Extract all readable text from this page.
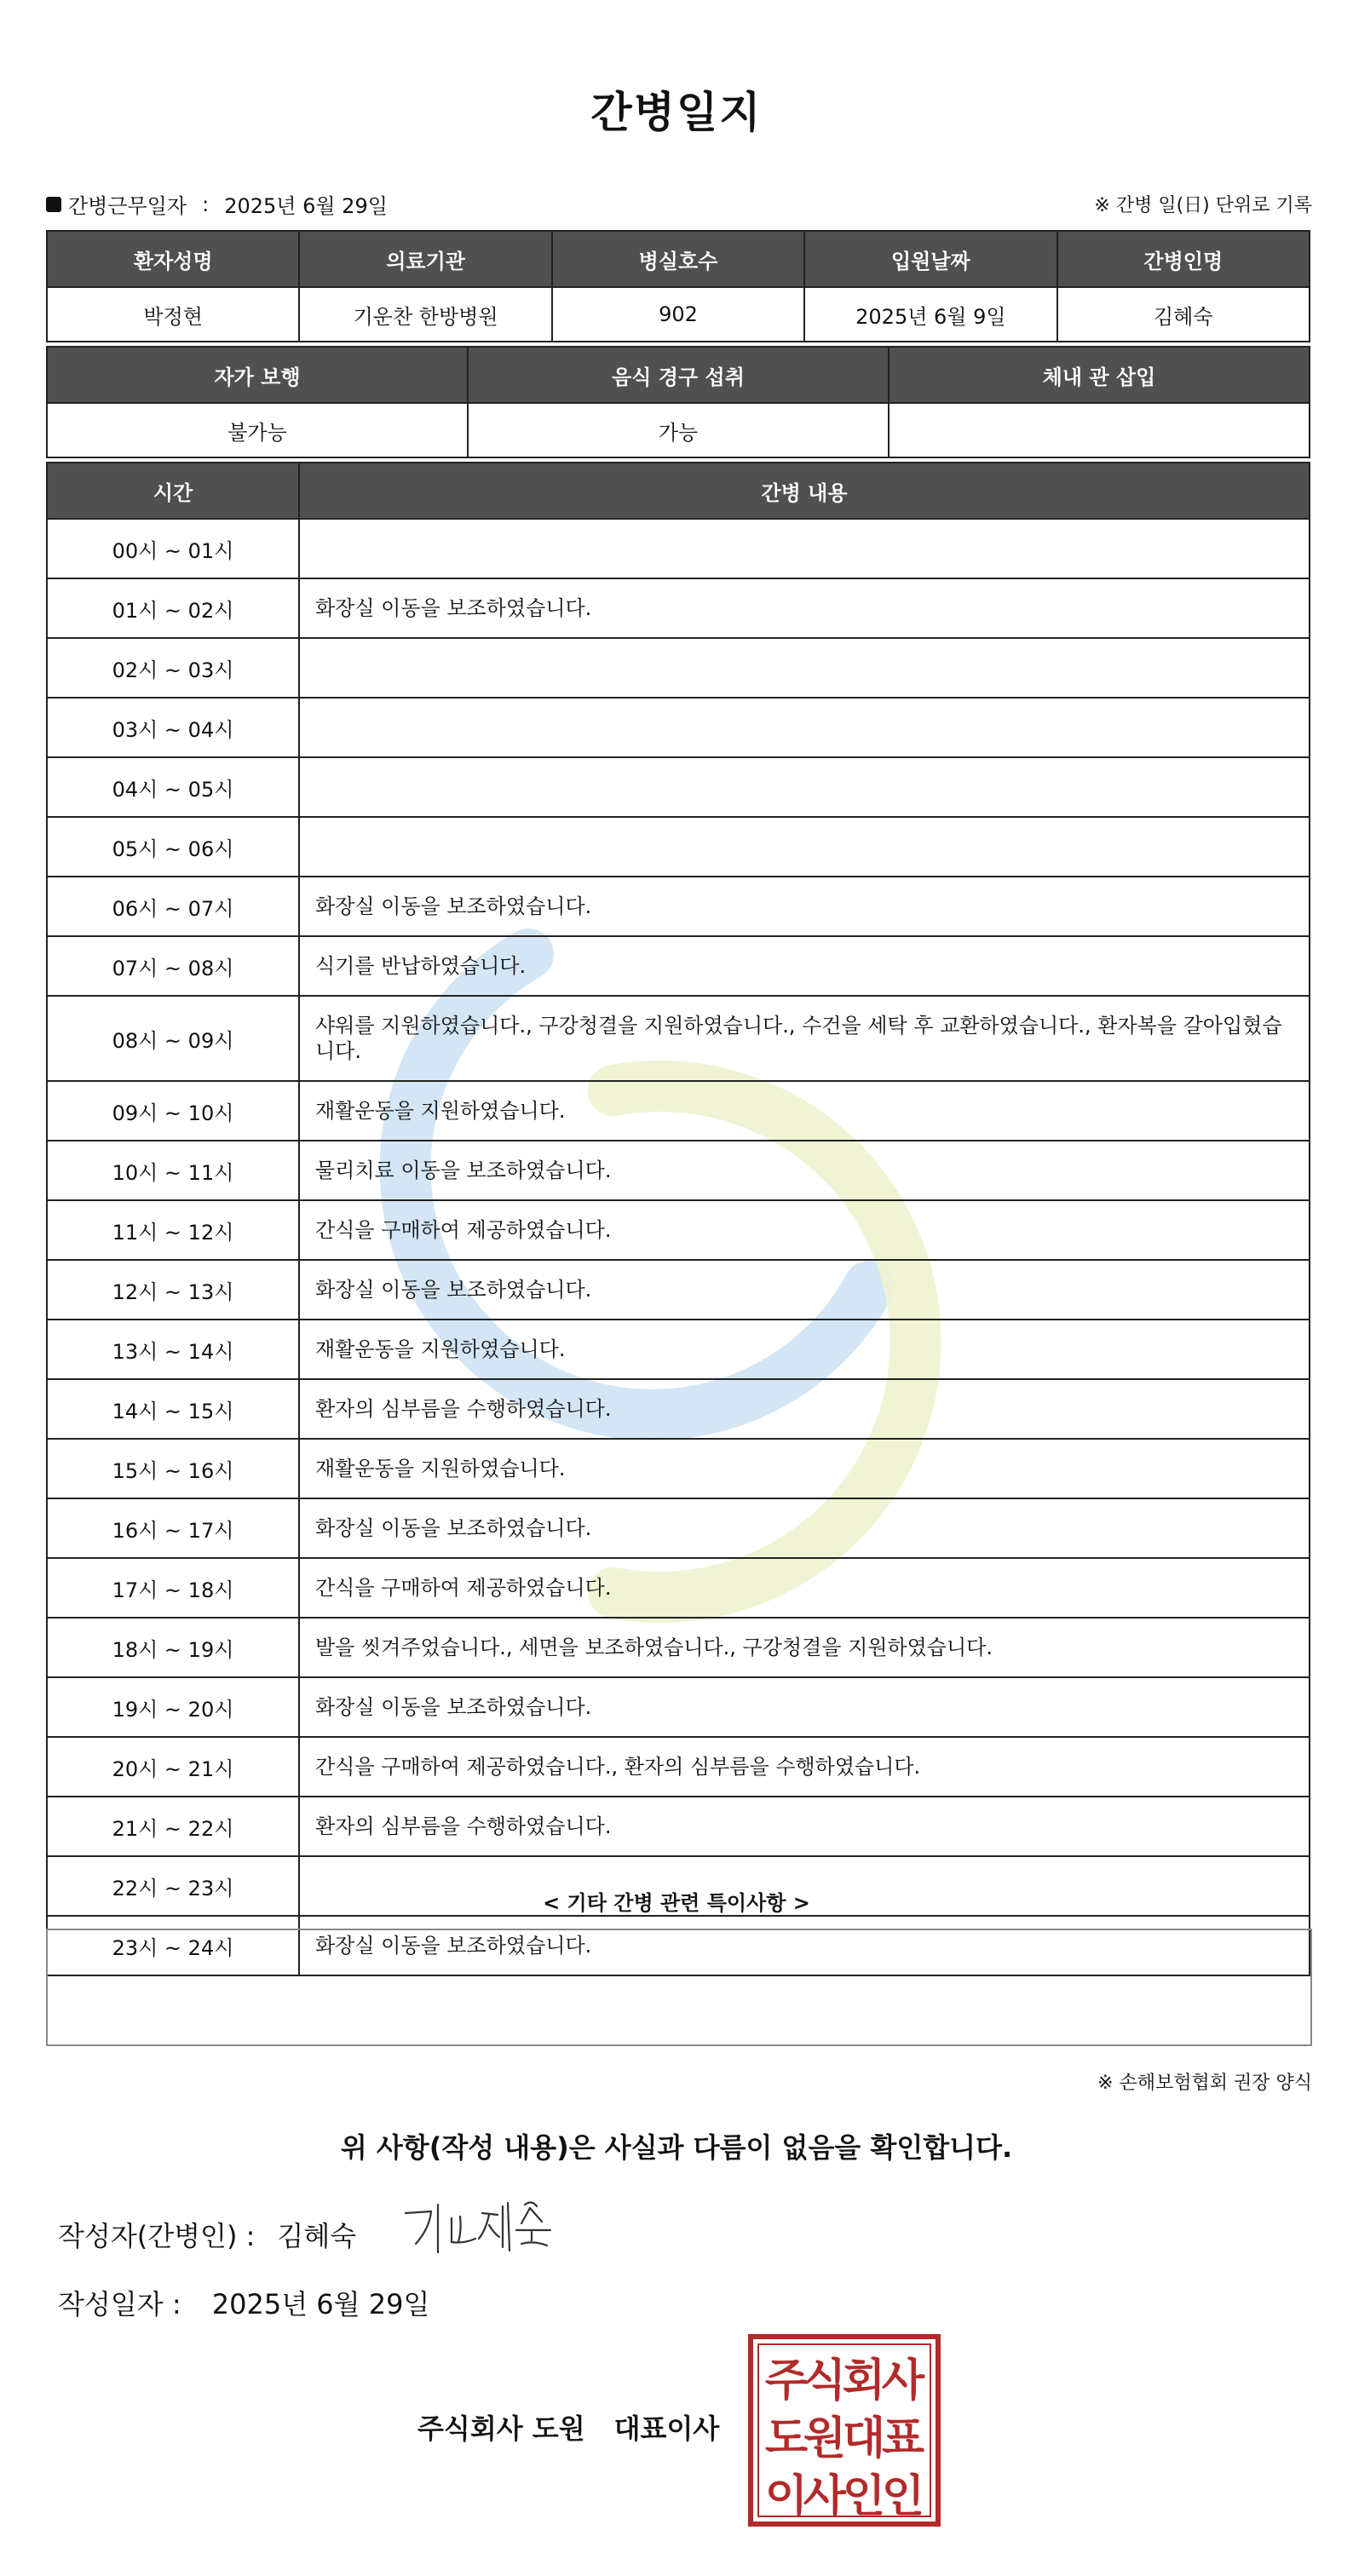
간병일지
간병근무일자 : 2025년 6월 29일	※ 간병 일(日) 단위로 기록
환자성명	의료기관	병실호수	입원날짜	간병인명
박정현	기운찬 한방병원	902	2025년 6월 9일	김혜숙
자가 보행	음식 경구 섭취	체내 관 삽입
불가능	가능	
시간	간병 내용
00시 ~ 01시	
01시 ~ 02시	화장실 이동을 보조하였습니다.
02시 ~ 03시	
03시 ~ 04시	
04시 ~ 05시	
05시 ~ 06시	
06시 ~ 07시	화장실 이동을 보조하였습니다.
07시 ~ 08시	식기를 반납하였습니다.
08시 ~ 09시	샤워를 지원하였습니다., 구강청결을 지원하였습니다., 수건을 세탁 후 교환하였습니다., 환자복을 갈아입혔습니다.
09시 ~ 10시	재활운동을 지원하였습니다.
10시 ~ 11시	물리치료 이동을 보조하였습니다.
11시 ~ 12시	간식을 구매하여 제공하였습니다.
12시 ~ 13시	화장실 이동을 보조하였습니다.
13시 ~ 14시	재활운동을 지원하였습니다.
14시 ~ 15시	환자의 심부름을 수행하였습니다.
15시 ~ 16시	재활운동을 지원하였습니다.
16시 ~ 17시	화장실 이동을 보조하였습니다.
17시 ~ 18시	간식을 구매하여 제공하였습니다.
18시 ~ 19시	발을 씻겨주었습니다., 세면을 보조하였습니다., 구강청결을 지원하였습니다.
19시 ~ 20시	화장실 이동을 보조하였습니다.
20시 ~ 21시	간식을 구매하여 제공하였습니다., 환자의 심부름을 수행하였습니다.
21시 ~ 22시	환자의 심부름을 수행하였습니다.
22시 ~ 23시	
23시 ~ 24시	화장실 이동을 보조하였습니다.
< 기타 간병 관련 특이사항 >
※ 손해보험협회 권장 양식
위 사항(작성 내용)은 사실과 다름이 없음을 확인합니다.
작성자(간병인) : 김혜숙
작성일자 : 2025년 6월 29일
주식회사 도원 대표이사
주
식
회
사
도
원
대
표
이
사
인
인
